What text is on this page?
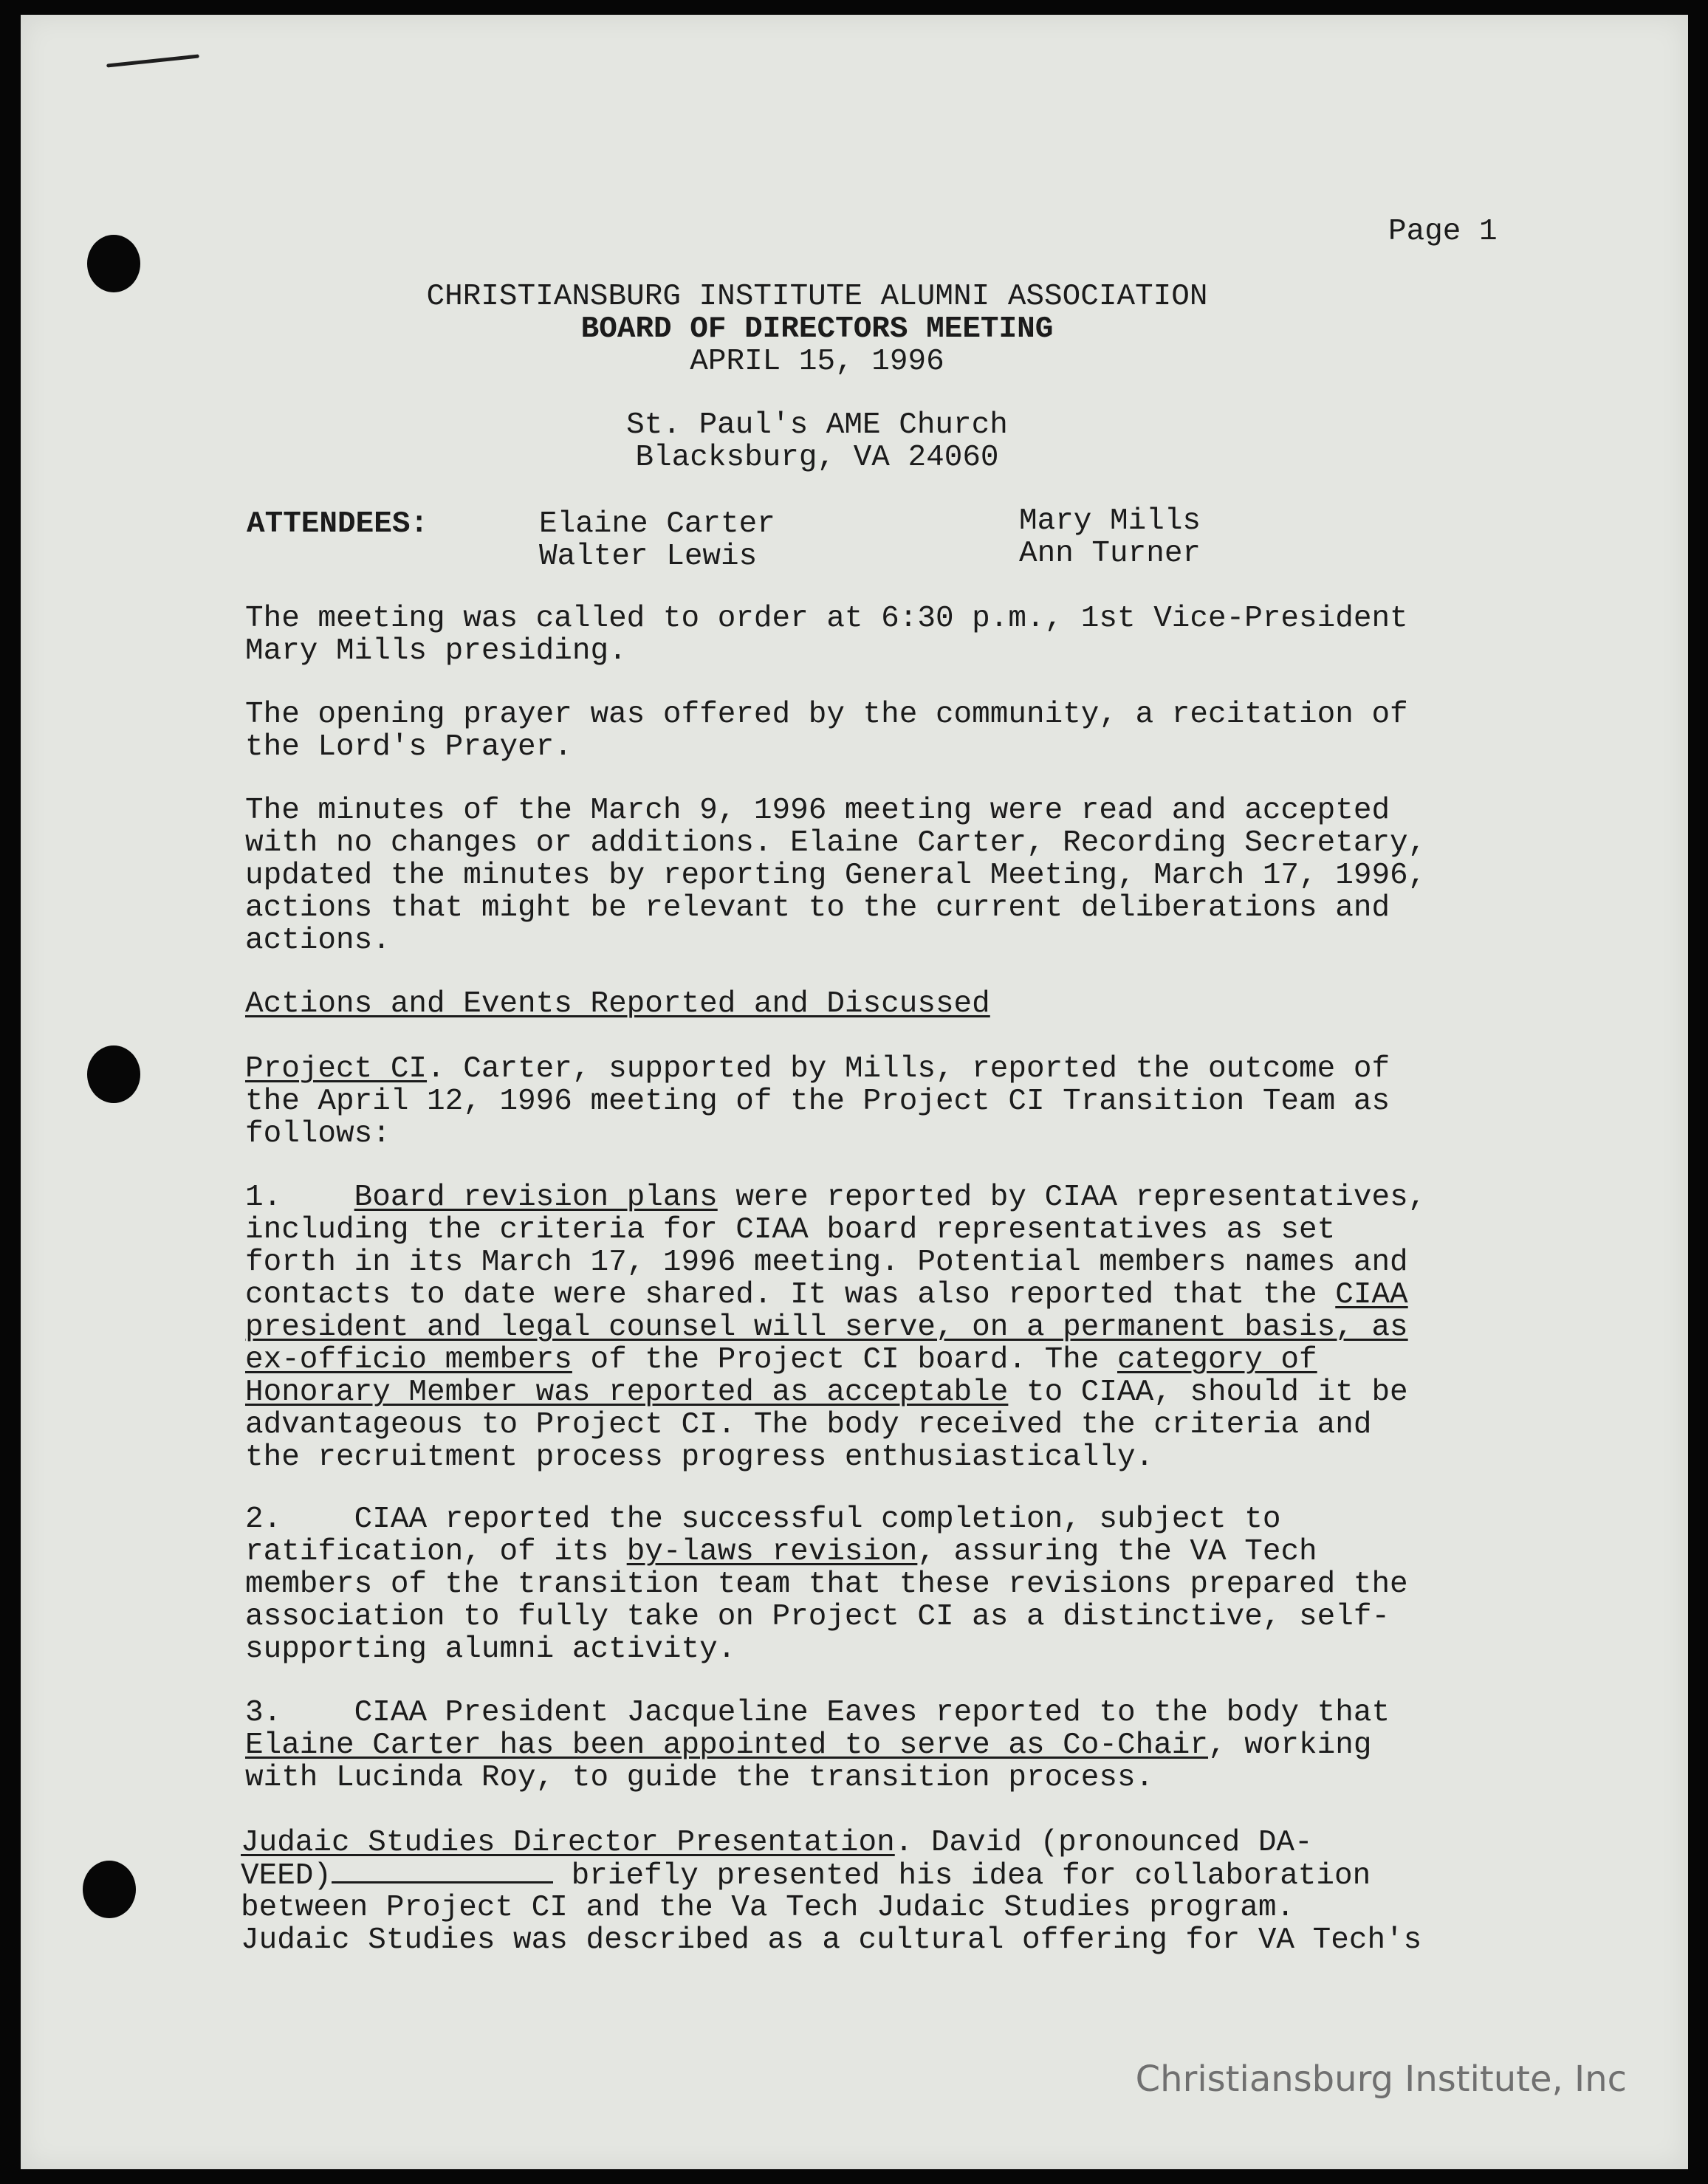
Page 1
CHRISTIANSBURG INSTITUTE ALUMNI ASSOCIATION
BOARD OF DIRECTORS MEETING
APRIL 15, 1996
St. Paul's AME Church
Blacksburg, VA 24060
ATTENDEES:	Elaine Carter
Walter Lewis
Mary Mills
Ann Turner
The meeting was called to order at 6:30 p.m., 1st Vice-President
Mary Mills presiding.
The opening prayer was offered by the community, a recitation of
the Lord's Prayer.
The minutes of the March 9, 1996 meeting were read and accepted
with no changes or additions. Elaine Carter, Recording Secretary,
updated the minutes by reporting General Meeting, March 17, 1996,
actions that might be relevant to the current deliberations and
actions.
Actions and Events Reported and Discussed
Project CI. Carter, supported by Mills, reported the outcome of
the April 12, 1996 meeting of the Project CI Transition Team as
follows:
1. Board revision plans were reported by CIAA representatives,
including the criteria for CIAA board representatives as set
forth in its March 17, 1996 meeting. Potential members names and
contacts to date were shared. It was also reported that the CIAA
president and legal counsel will serve, on a permanent basis, as
ex-officio members of the Project CI board. The category of
Honorary Member was reported as acceptable to CIAA, should it be
advantageous to Project CI. The body received the criteria and
the recruitment process progress enthusiastically.
2. CIAA reported the successful completion, subject to
ratification, of its by-laws revision, assuring the VA Tech
members of the transition team that these revisions prepared the
association to fully take on Project CI as a distinctive, self-
supporting alumni activity.
3. CIAA President Jacqueline Eaves reported to the body that
Elaine Carter has been appointed to serve as Co-Chair, working
with Lucinda Roy, to guide the transition process.
Judaic Studies Director Presentation. David (pronounced DA-
VEED)	briefly presented his idea for collaboration
between Project CI and the Va Tech Judaic Studies program.
Judaic Studies was described as a cultural offering for VA Tech's
Christiansburg Institute, Inc
